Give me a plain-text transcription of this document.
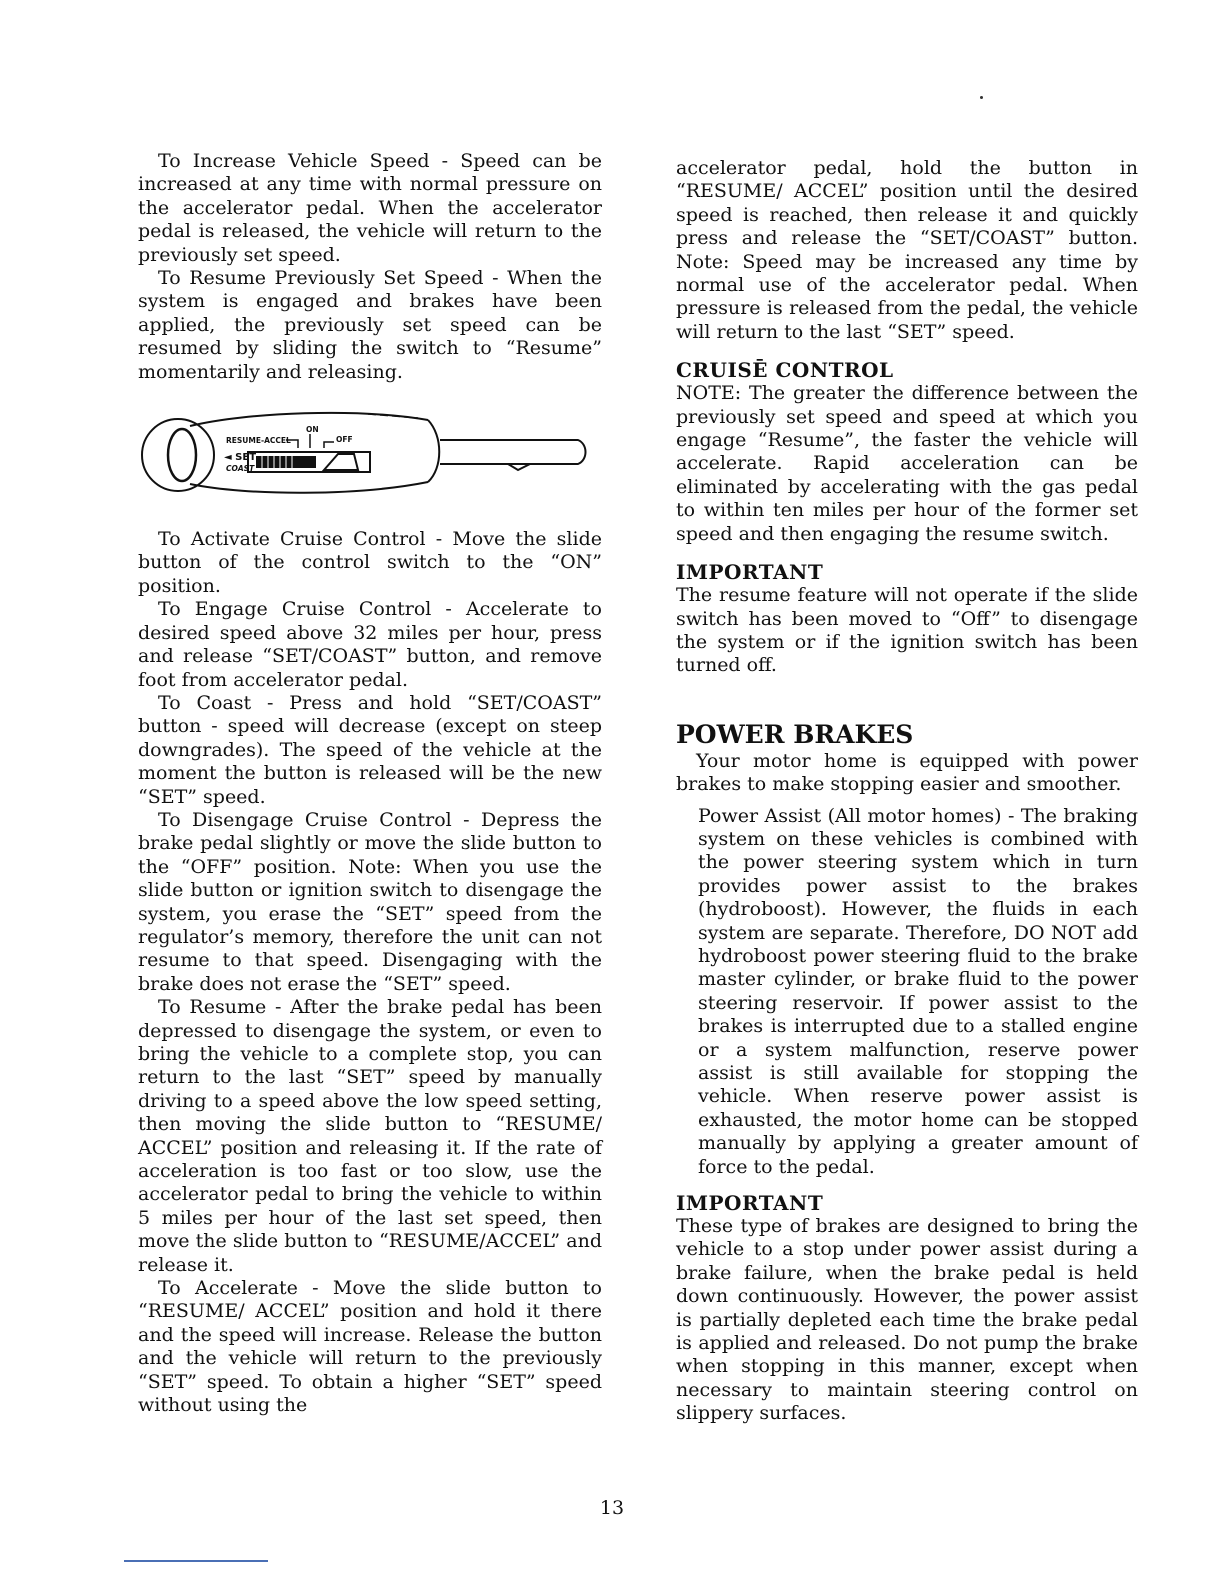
To Increase Vehicle Speed - Speed can be increased at any time with normal pressure on the accelerator pedal. When the accelerator pedal is released, the vehicle will return to the previously set speed.

To Resume Previously Set Speed - When the system is engaged and brakes have been applied, the previously set speed can be resumed by sliding the switch to “Resume” momentarily and releasing.

RESUME-ACCEL
ON
OFF
◄ SET
COAST

To Activate Cruise Control - Move the slide button of the control switch to the “ON” position.

To Engage Cruise Control - Accelerate to desired speed above 32 miles per hour, press and release “SET/COAST” button, and remove foot from accelerator pedal.

To Coast - Press and hold “SET/COAST” button - speed will decrease (except on steep downgrades). The speed of the vehicle at the moment the button is released will be the new “SET” speed.

To Disengage Cruise Control - Depress the brake pedal slightly or move the slide button to the “OFF” position. Note: When you use the slide button or ignition switch to disengage the system, you erase the “SET” speed from the regulator’s memory, therefore the unit can not resume to that speed. Disengaging with the brake does not erase the “SET” speed.

To Resume - After the brake pedal has been depressed to disengage the system, or even to bring the vehicle to a complete stop, you can return to the last “SET” speed by manually driving to a speed above the low speed setting, then moving the slide button to “RESUME/ ACCEL” position and releasing it. If the rate of acceleration is too fast or too slow, use the accelerator pedal to bring the vehicle to within 5 miles per hour of the last set speed, then move the slide button to “RESUME/ACCEL” and release it.

To Accelerate - Move the slide button to “RESUME/ ACCEL” position and hold it there and the speed will increase. Release the button and the vehicle will return to the previously “SET” speed. To obtain a higher “SET” speed without using the

accelerator pedal, hold the button in “RESUME/ ACCEL” position until the desired speed is reached, then release it and quickly press and release the “SET/COAST” button. Note: Speed may be increased any time by normal use of the accelerator pedal. When pressure is released from the pedal, the vehicle will return to the last “SET” speed.

CRUISĒ CONTROL

NOTE: The greater the difference between the previously set speed and speed at which you engage “Resume”, the faster the vehicle will accelerate. Rapid acceleration can be eliminated by accelerating with the gas pedal to within ten miles per hour of the former set speed and then engaging the resume switch.

IMPORTANT

The resume feature will not operate if the slide switch has been moved to “Off” to disengage the system or if the ignition switch has been turned off.

POWER BRAKES

Your motor home is equipped with power brakes to make stopping easier and smoother.

Power Assist (All motor homes) - The braking system on these vehicles is combined with the power steering system which in turn provides power assist to the brakes (hydroboost). However, the fluids in each system are separate. Therefore, DO NOT add hydroboost power steering fluid to the brake master cylinder, or brake fluid to the power steering reservoir. If power assist to the brakes is interrupted due to a stalled engine or a system malfunction, reserve power assist is still available for stopping the vehicle. When reserve power assist is exhausted, the motor home can be stopped manually by applying a greater amount of force to the pedal.

IMPORTANT

These type of brakes are designed to bring the vehicle to a stop under power assist during a brake failure, when the brake pedal is held down continuously. However, the power assist is partially depleted each time the brake pedal is applied and released. Do not pump the brake when stopping in this manner, except when necessary to maintain steering control on slippery surfaces.

13
